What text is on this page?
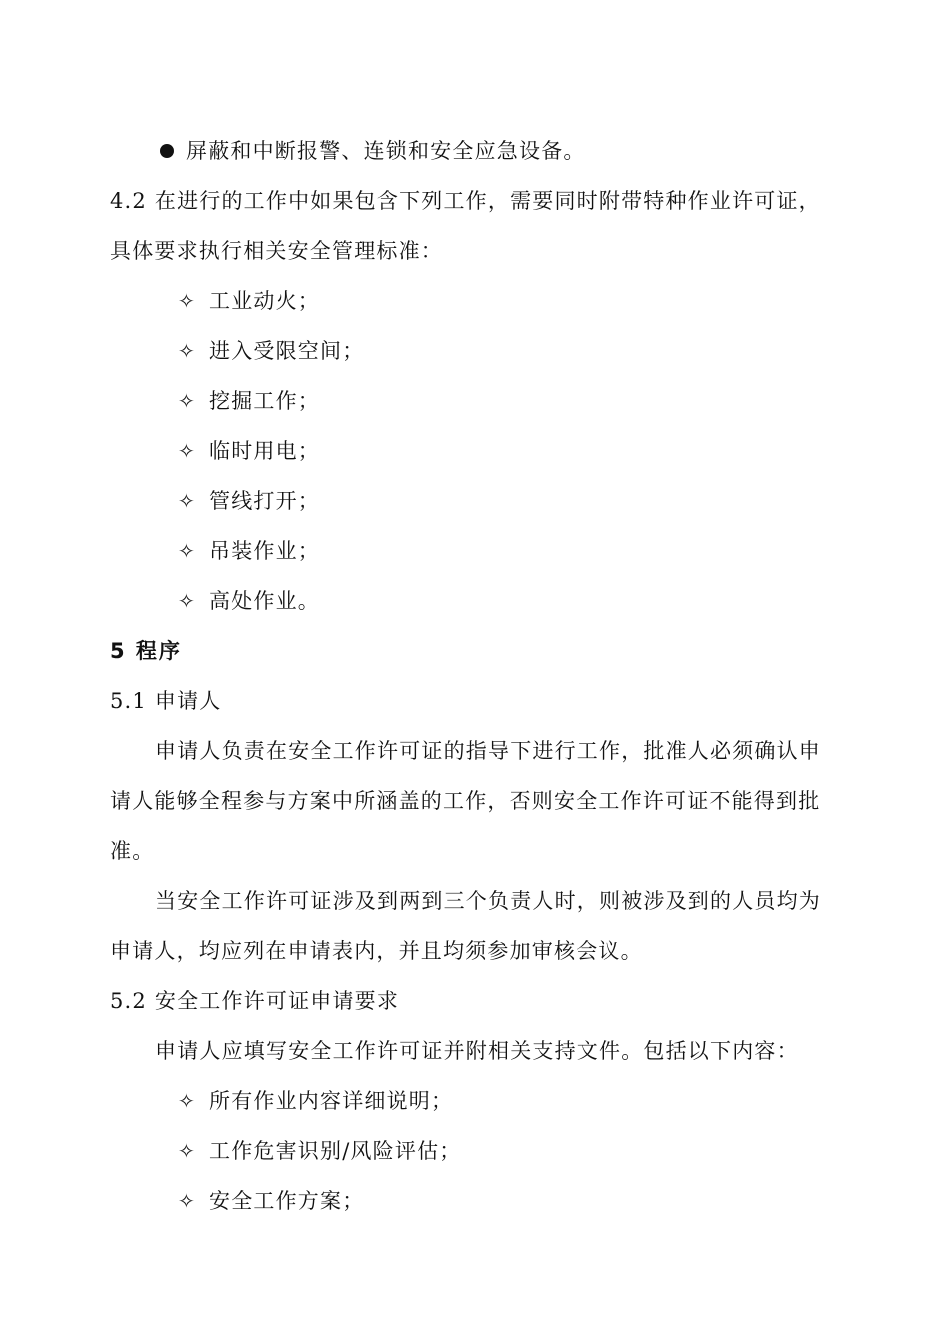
屏蔽和中断报警、连锁和安全应急设备。
4.2 在进行的工作中如果包含下列工作，需要同时附带特种作业许可证，
具体要求执行相关安全管理标准：
✧ 工业动火；
✧ 进入受限空间；
✧ 挖掘工作；
✧ 临时用电；
✧ 管线打开；
✧ 吊装作业；
✧ 高处作业。
5 程序
5.1 申请人
申请人负责在安全工作许可证的指导下进行工作，批准人必须确认申
请人能够全程参与方案中所涵盖的工作，否则安全工作许可证不能得到批
准。
当安全工作许可证涉及到两到三个负责人时，则被涉及到的人员均为
申请人，均应列在申请表内，并且均须参加审核会议。
5.2 安全工作许可证申请要求
申请人应填写安全工作许可证并附相关支持文件。包括以下内容：
✧ 所有作业内容详细说明；
✧ 工作危害识别/风险评估；
✧ 安全工作方案；
